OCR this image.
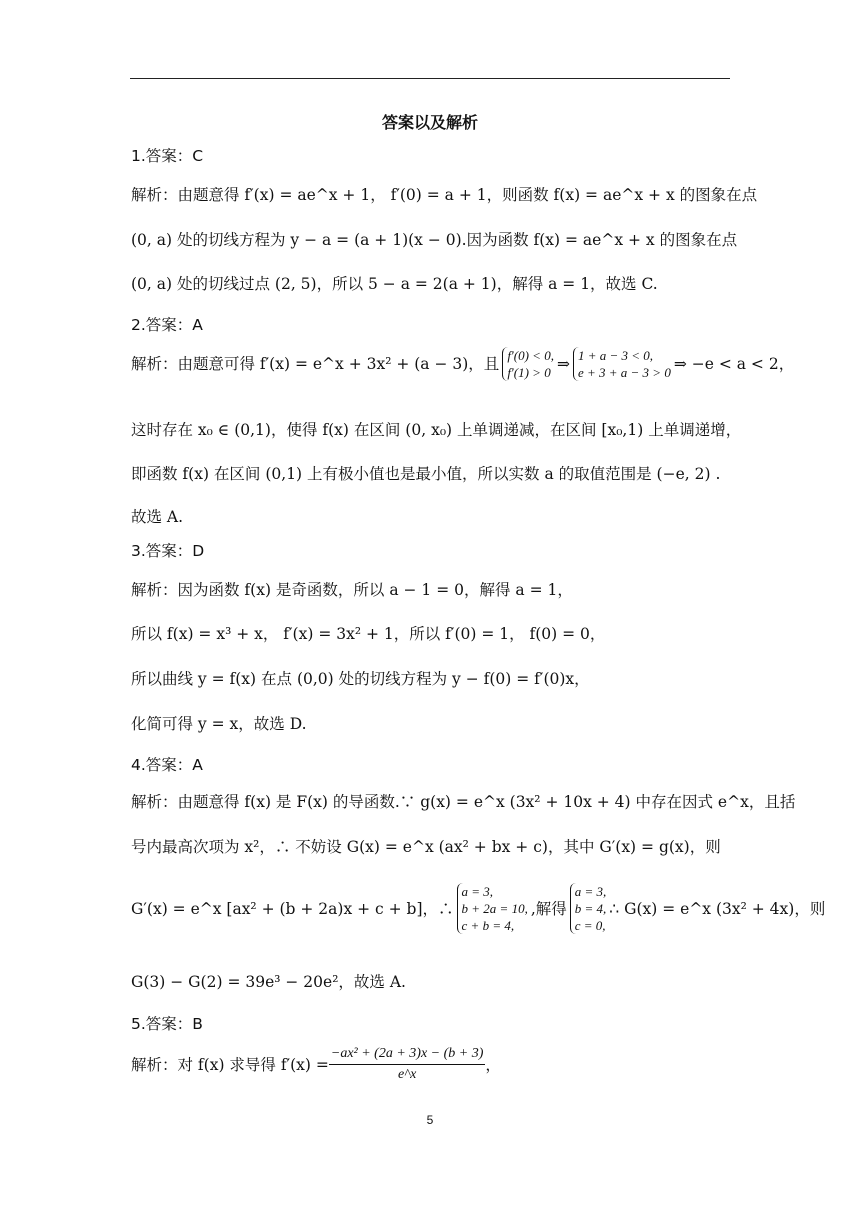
答案以及解析
1.答案：C
解析：由题意得 f′(x) = ae^x + 1， f′(0) = a + 1，则函数 f(x) = ae^x + x 的图象在点
(0, a) 处的切线方程为 y − a = (a + 1)(x − 0).因为函数 f(x) = ae^x + x 的图象在点
(0, a) 处的切线过点 (2, 5)，所以 5 − a = 2(a + 1)，解得 a = 1，故选 C.
2.答案：A
解析：由题意可得 f′(x) = e^x + 3x² + (a − 3)，且 f′(0) < 0,
f′(1) > 0 ⇒ 1 + a − 3 < 0,
e + 3 + a − 3 > 0 ⇒ −e < a < 2，
这时存在 x₀ ∈ (0,1)，使得 f(x) 在区间 (0, x₀) 上单调递减，在区间 [x₀,1) 上单调递增，
即函数 f(x) 在区间 (0,1) 上有极小值也是最小值，所以实数 a 的取值范围是 (−e, 2) .
故选 A.
3.答案：D
解析：因为函数 f(x) 是奇函数，所以 a − 1 = 0，解得 a = 1，
所以 f(x) = x³ + x， f′(x) = 3x² + 1，所以 f′(0) = 1， f(0) = 0，
所以曲线 y = f(x) 在点 (0,0) 处的切线方程为 y − f(0) = f′(0)x，
化简可得 y = x，故选 D.
4.答案：A
解析：由题意得 f(x) 是 F(x) 的导函数.∵ g(x) = e^x (3x² + 10x + 4) 中存在因式 e^x，且括
号内最高次项为 x²，∴ 不妨设 G(x) = e^x (ax² + bx + c)，其中 G′(x) = g(x)，则
G′(x) = e^x [ax² + (b + 2a)x + c + b]，∴
a = 3,
b + 2a = 10,
c + b = 4,
,解得
a = 3,
b = 4,
c = 0,
∴ G(x) = e^x (3x² + 4x)，则
G(3) − G(2) = 39e³ − 20e²，故选 A.
5.答案：B
解析：对 f(x) 求导得 $f'(x) = \frac{\text{−ax² + (2a + 3)x − (b + 3)}}{e\^{}x}$ ，
5
